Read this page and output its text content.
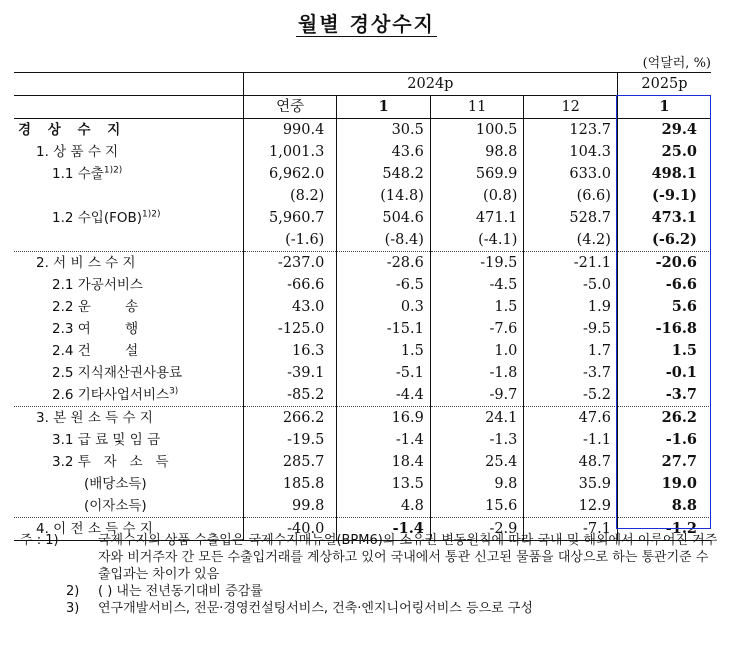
월별 경상수지
(억달러, %)
	2024p				2025p
	연중	1	11	12	1
경 상 수 지	990.4	30.5	100.5	123.7	29.4
1. 상 품 수 지	1,001.3	43.6	98.8	104.3	25.0
1.1 수출$^{1)2)}$	6,962.0	548.2	569.9	633.0	498.1
	(8.2)	(14.8)	(0.8)	(6.6)	(-9.1)
1.2 수입(FOB)$^{1)2)}$	5,960.7	504.6	471.1	528.7	473.1
	(-1.6)	(-8.4)	(-4.1)	(4.2)	(-6.2)
2. 서 비 스 수 지	-237.0	-28.6	-19.5	-21.1	-20.6
2.1 가공서비스	-66.6	-6.5	-4.5	-5.0	-6.6
2.2 운        송	43.0	0.3	1.5	1.9	5.6
2.3 여        행	-125.0	-15.1	-7.6	-9.5	-16.8
2.4 건        설	16.3	1.5	1.0	1.7	1.5
2.5 지식재산권사용료	-39.1	-5.1	-1.8	-3.7	-0.1
2.6 기타사업서비스$^{3)}$	-85.2	-4.4	-9.7	-5.2	-3.7
3. 본 원 소 득 수 지	266.2	16.9	24.1	47.6	26.2
3.1 급 료 및 임 금	-19.5	-1.4	-1.3	-1.1	-1.6
3.2 투   자   소   득	285.7	18.4	25.4	48.7	27.7
(배당소득)	185.8	13.5	9.8	35.9	19.0
(이자소득)	99.8	4.8	15.6	12.9	8.8
4. 이 전 소 득 수 지	-40.0	-1.4	-2.9	-7.1	-1.2
주 : 1)	국제수지의 상품 수출입은 국제수지매뉴얼(BPM6)의 소유권 변동원칙에 따라 국내 및 해외에서 이루어진 거주자와 비거주자 간 모든 수출입거래를 계상하고 있어 국내에서 통관 신고된 물품을 대상으로 하는 통관기준 수출입과는 차이가 있음
2)	( ) 내는 전년동기대비 증감률
3)	연구개발서비스, 전문·경영컨설팅서비스, 건축·엔지니어링서비스 등으로 구성
